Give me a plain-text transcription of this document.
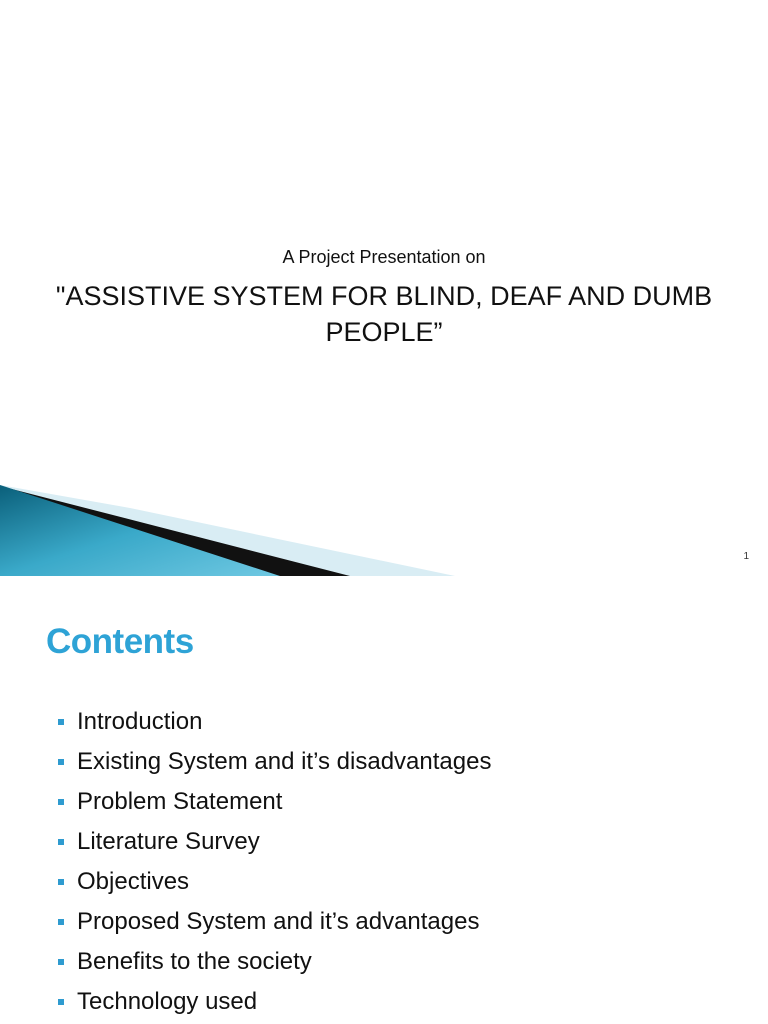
A Project Presentation on
"ASSISTIVE SYSTEM FOR BLIND, DEAF AND DUMB PEOPLE”
1
Contents
Introduction
Existing System and it’s disadvantages
Problem Statement
Literature Survey
Objectives
Proposed System and it’s advantages
Benefits to the society
Technology used
